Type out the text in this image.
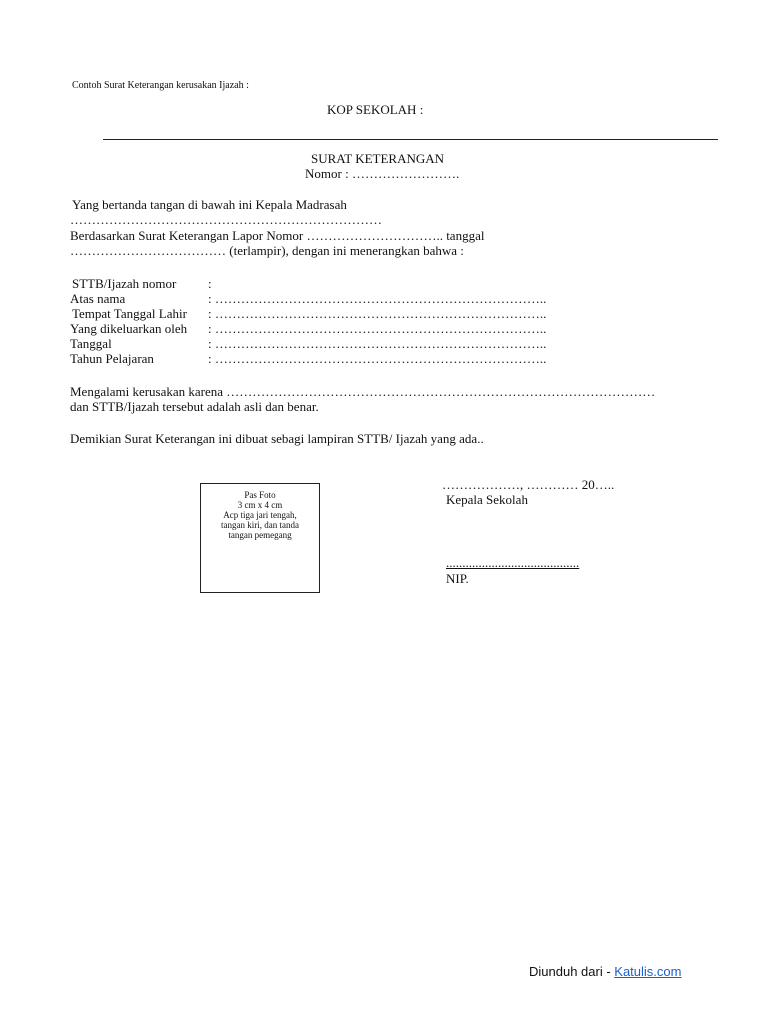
Contoh Surat Keterangan kerusakan Ijazah :
KOP SEKOLAH :
SURAT KETERANGAN
Nomor : …………………….
Yang bertanda tangan di bawah ini Kepala Madrasah
………………………………………………………………
Berdasarkan Surat Keterangan Lapor Nomor ………………………….. tanggal
……………………………… (terlampir), dengan ini menerangkan bahwa :
STTB/Ijazah nomor :
Atas nama	: …………………………………………………………………..
Tempat Tanggal Lahir : …………………………………………………………………..
Yang dikeluarkan oleh : …………………………………………………………………..
Tanggal	: …………………………………………………………………..
Tahun Pelajaran	: …………………………………………………………………..
Mengalami kerusakan karena ………………………………………………………………………………………
dan STTB/Ijazah tersebut adalah asli dan benar.
Demikian Surat Keterangan ini dibuat sebagi lampiran STTB/ Ijazah yang ada..
Pas Foto
3 cm x 4 cm
Acp tiga jari tengah, tangan kiri, dan tanda tangan pemegang
………………, ………… 20…..
Kepala Sekolah
.........................................
NIP.
Diunduh dari - Katulis.com
